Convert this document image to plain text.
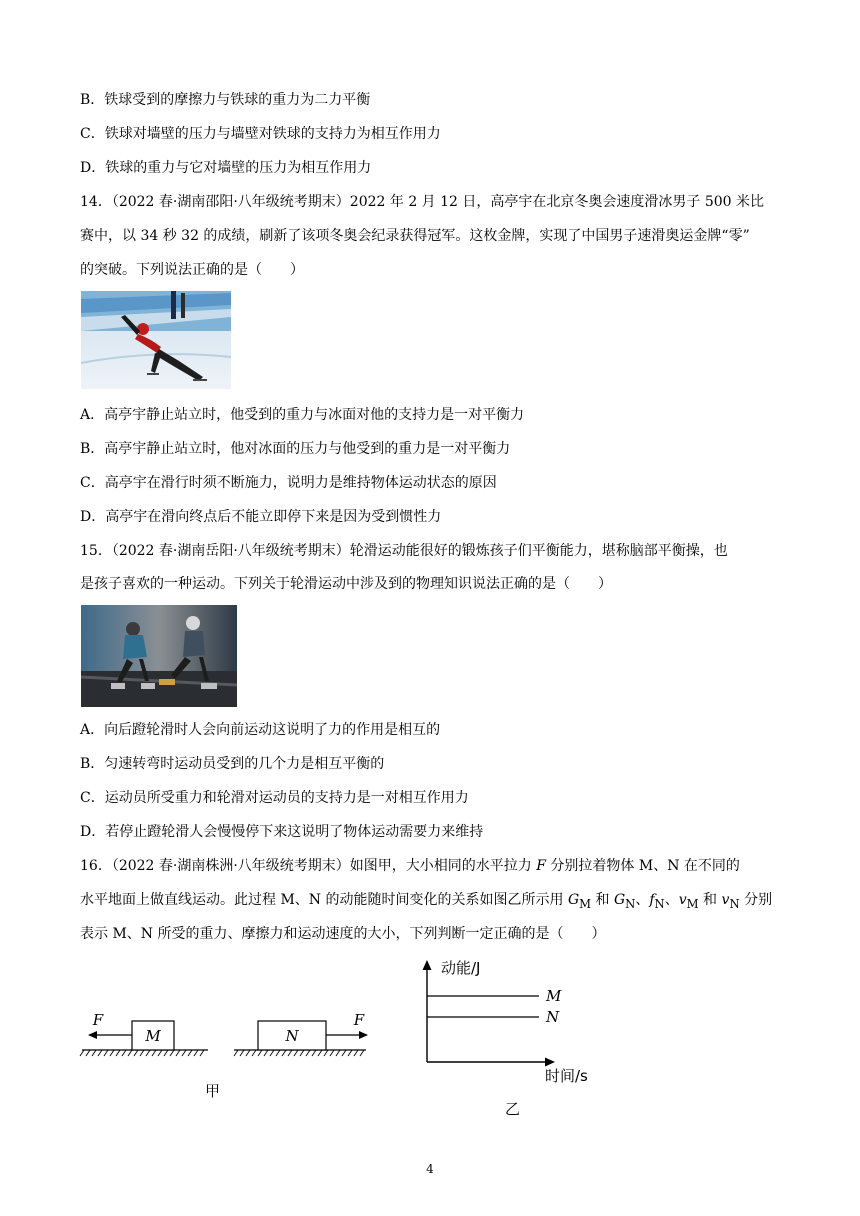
B．铁球受到的摩擦力与铁球的重力为二力平衡
C．铁球对墙壁的压力与墙壁对铁球的支持力为相互作用力
D．铁球的重力与它对墙壁的压力为相互作用力
14．（2022 春·湖南邵阳·八年级统考期末）2022 年 2 月 12 日，高亭宇在北京冬奥会速度滑冰男子 500 米比
赛中，以 34 秒 32 的成绩，刷新了该项冬奥会纪录获得冠军。这枚金牌，实现了中国男子速滑奥运金牌“零”
的突破。下列说法正确的是（　　）
A．高亭宇静止站立时，他受到的重力与冰面对他的支持力是一对平衡力
B．高亭宇静止站立时，他对冰面的压力与他受到的重力是一对平衡力
C．高亭宇在滑行时须不断施力，说明力是维持物体运动状态的原因
D．高亭宇在滑向终点后不能立即停下来是因为受到惯性力
15．（2022 春·湖南岳阳·八年级统考期末）轮滑运动能很好的锻炼孩子们平衡能力，堪称脑部平衡操，也
是孩子喜欢的一种运动。下列关于轮滑运动中涉及到的物理知识说法正确的是（　　）
A．向后蹬轮滑时人会向前运动这说明了力的作用是相互的
B．匀速转弯时运动员受到的几个力是相互平衡的
C．运动员所受重力和轮滑对运动员的支持力是一对相互作用力
D．若停止蹬轮滑人会慢慢停下来这说明了物体运动需要力来维持
16．（2022 春·湖南株洲·八年级统考期末）如图甲，大小相同的水平拉力 F 分别拉着物体 M、N 在不同的
水平地面上做直线运动。此过程 M、N 的动能随时间变化的关系如图乙所示用 $G_M$ 和 $G_N$、$f_N$、$v_M$ 和 $v_N$ 分别
表示 M、N 所受的重力、摩擦力和运动速度的大小，下列判断一定正确的是（　　）
M
F
N
F
甲
动能/J
时间/s
M
N
乙
4
